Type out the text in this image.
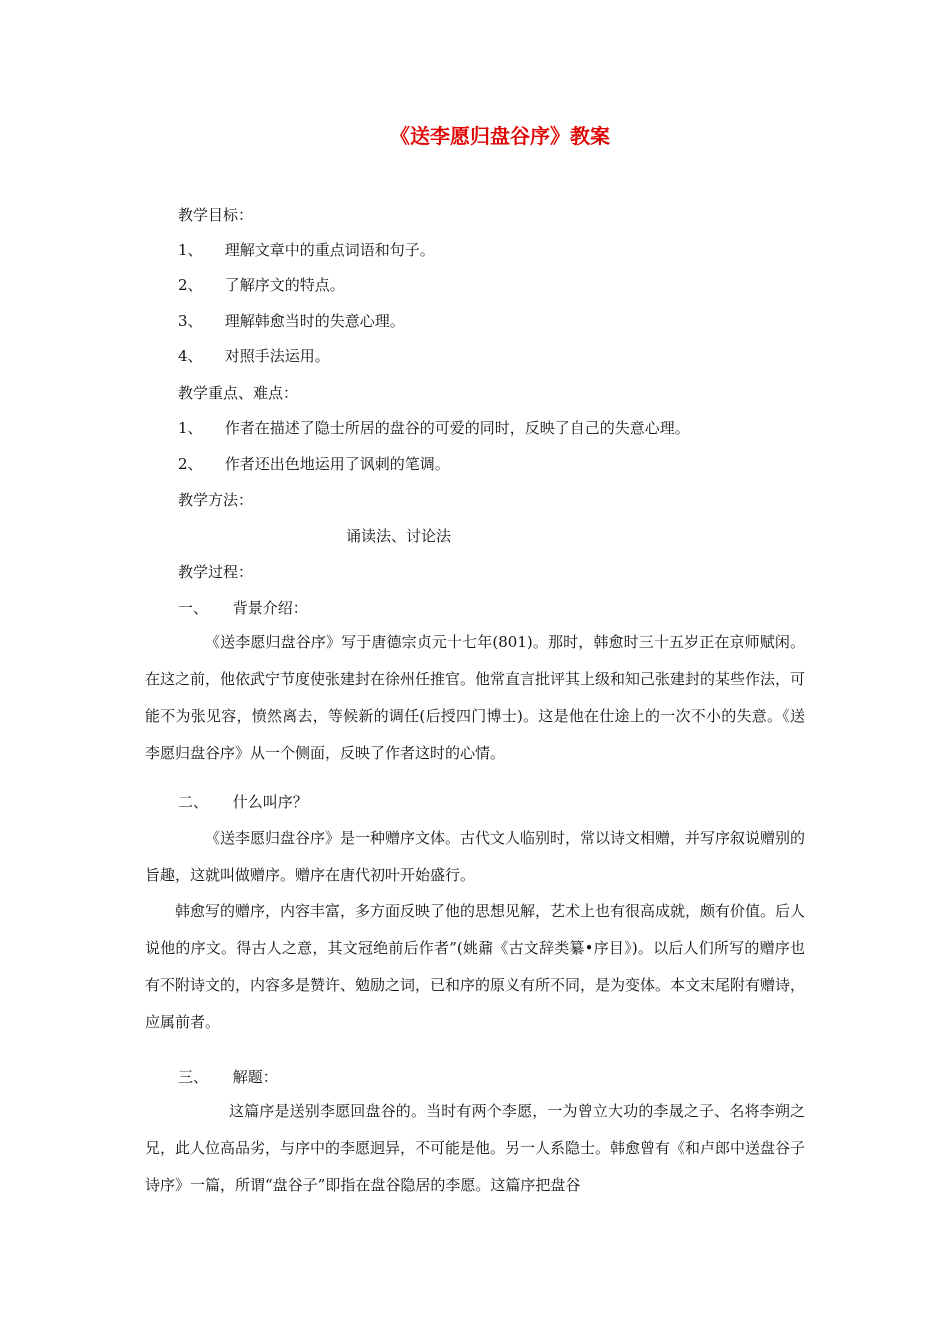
《送李愿归盘谷序》教案
教学目标：
1、 理解文章中的重点词语和句子。
2、 了解序文的特点。
3、 理解韩愈当时的失意心理。
4、 对照手法运用。
教学重点、难点：
1、 作者在描述了隐士所居的盘谷的可爱的同时，反映了自己的失意心理。
2、 作者还出色地运用了讽刺的笔调。
教学方法：
诵读法、讨论法
教学过程：
一、 背景介绍：
《送李愿归盘谷序》写于唐德宗贞元十七年(801)。那时，韩愈时三十五岁正在京师赋闲。在这之前，他依武宁节度使张建封在徐州任推官。他常直言批评其上级和知己张建封的某些作法，可能不为张见容，愤然离去，等候新的调任(后授四门博士)。这是他在仕途上的一次不小的失意。《送李愿归盘谷序》从一个侧面，反映了作者这时的心情。
二、 什么叫序？
《送李愿归盘谷序》是一种赠序文体。古代文人临别时，常以诗文相赠，并写序叙说赠别的旨趣，这就叫做赠序。赠序在唐代初叶开始盛行。
韩愈写的赠序，内容丰富，多方面反映了他的思想见解，艺术上也有很高成就，颇有价值。后人说他的序文。得古人之意，其文冠绝前后作者”(姚鼐《古文辞类纂•序目》)。以后人们所写的赠序也有不附诗文的，内容多是赞许、勉励之词，已和序的原义有所不同，是为变体。本文末尾附有赠诗，应属前者。
三、 解题：
这篇序是送别李愿回盘谷的。当时有两个李愿，一为曾立大功的李晟之子、名将李朔之兄，此人位高品劣，与序中的李愿迥异，不可能是他。另一人系隐士。韩愈曾有《和卢郎中送盘谷子诗序》一篇，所谓“盘谷子”即指在盘谷隐居的李愿。这篇序把盘谷
